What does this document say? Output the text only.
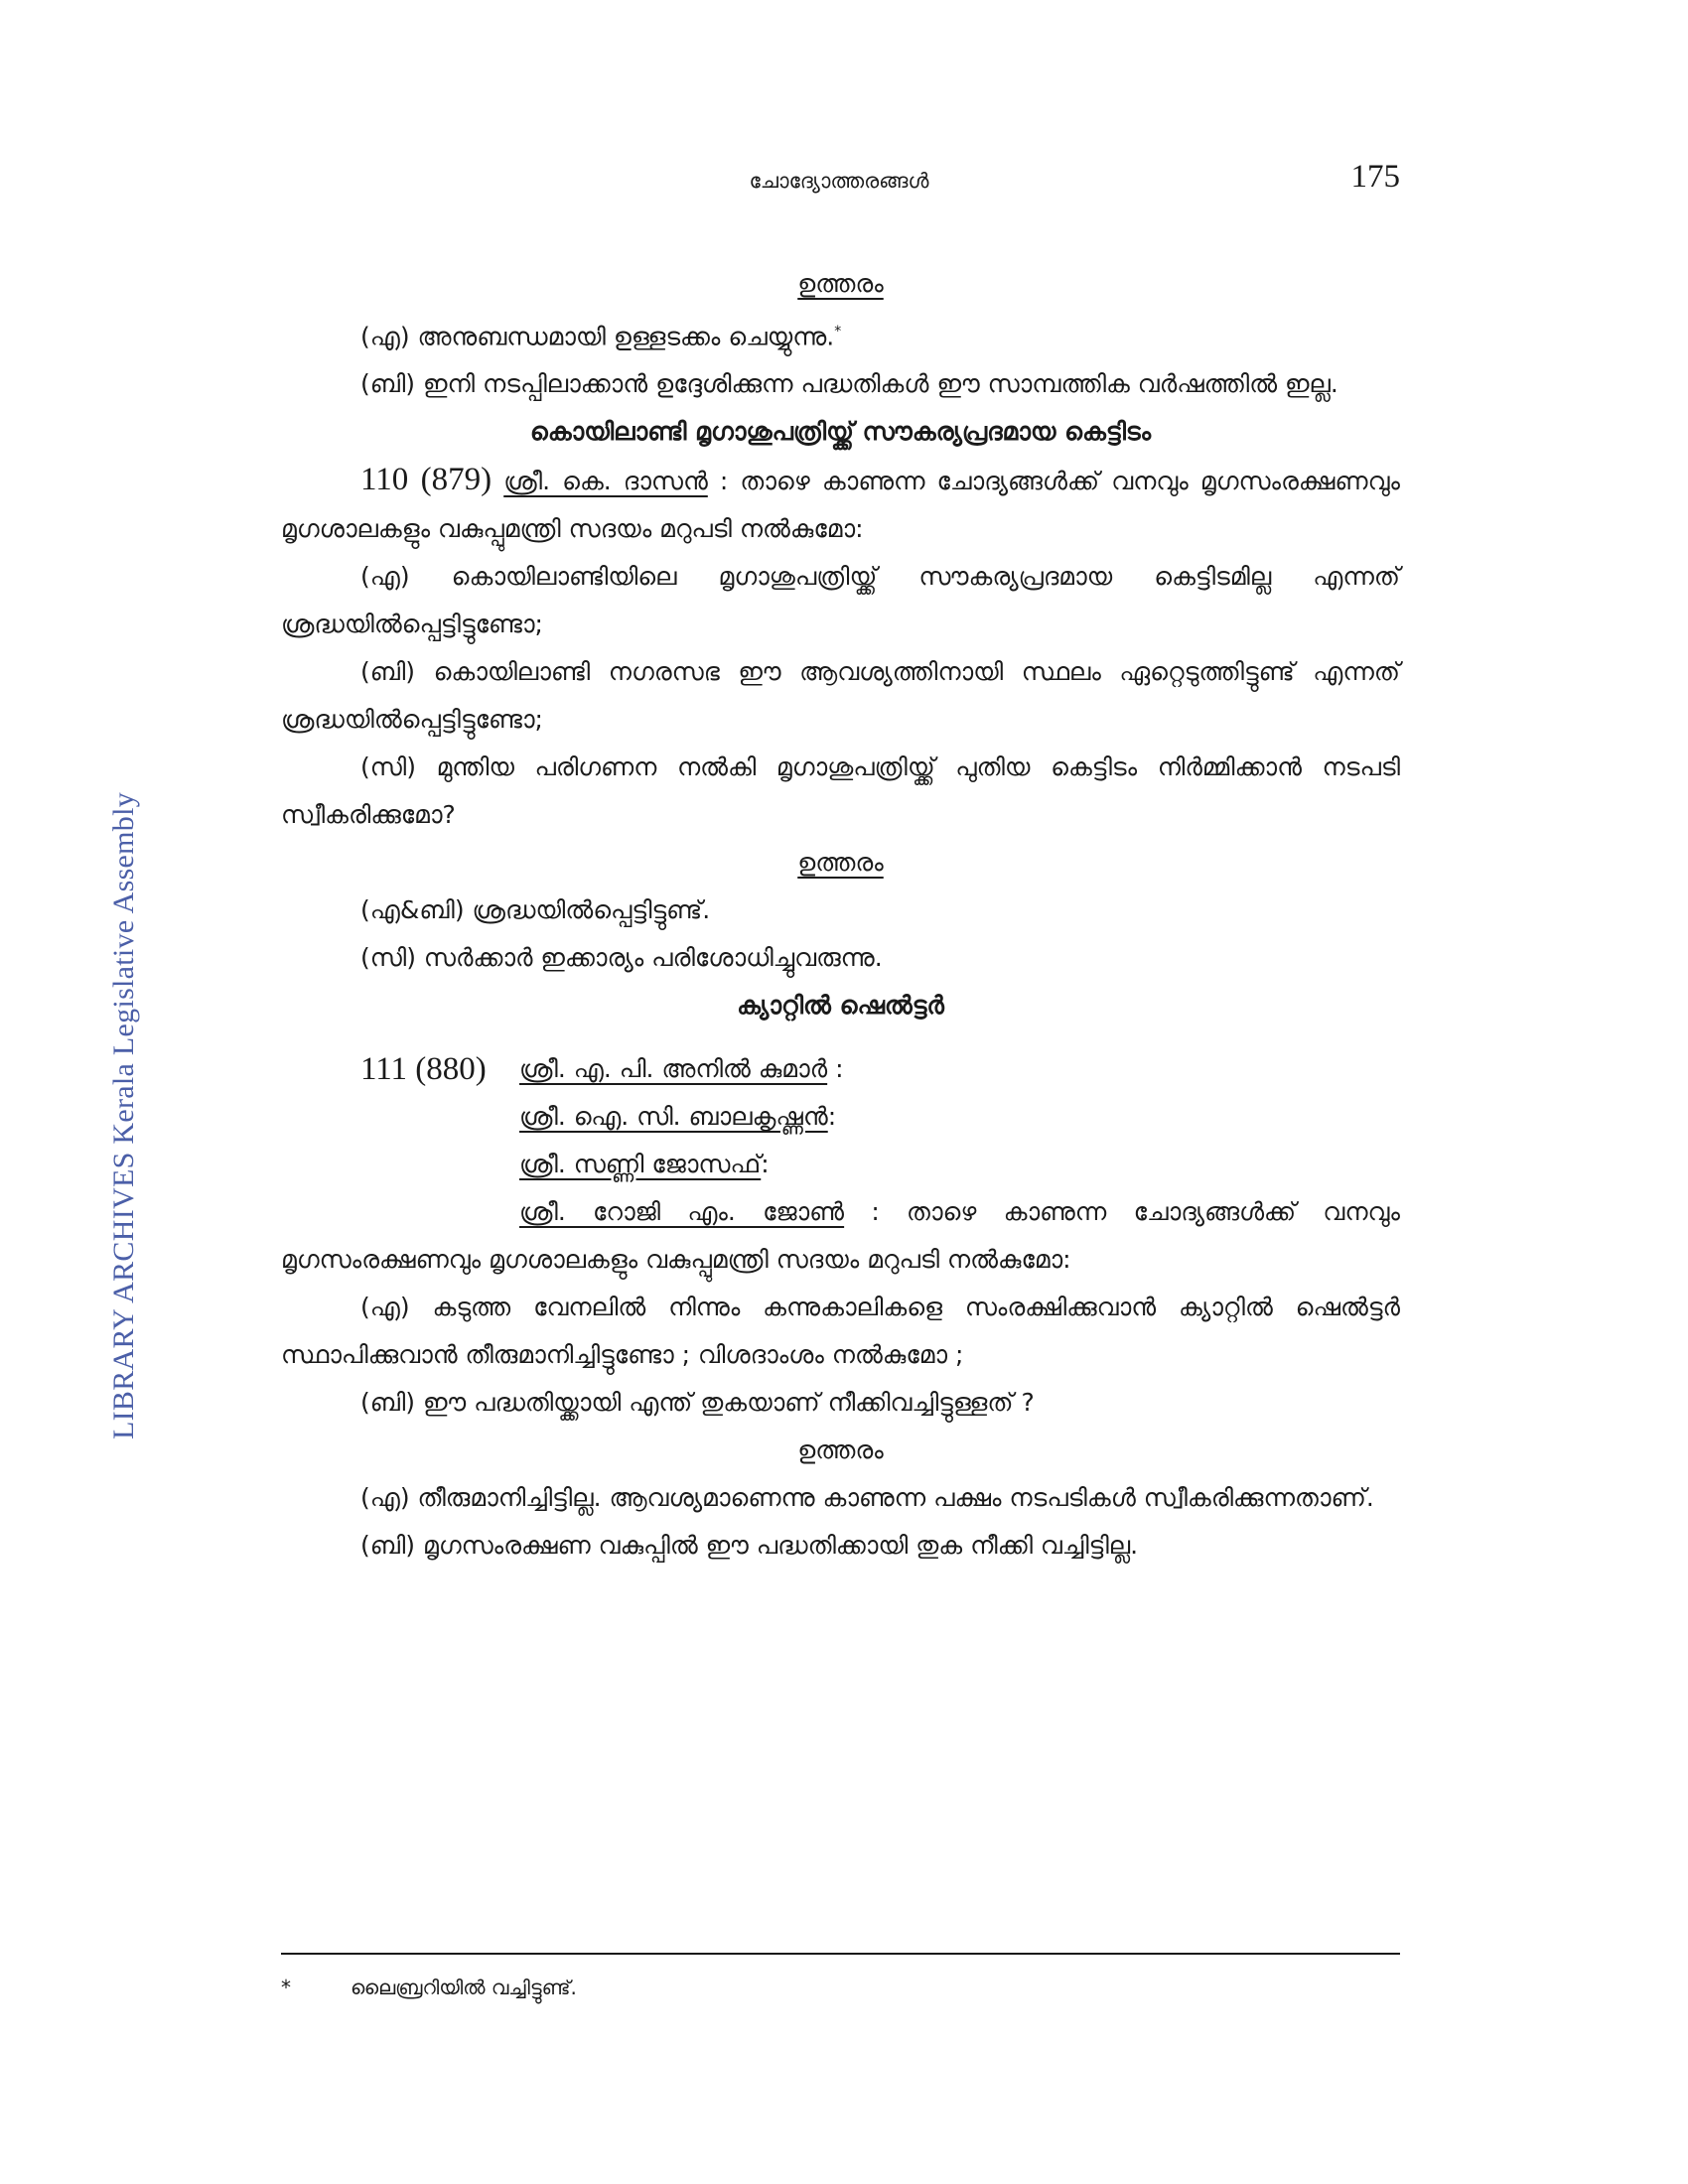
LIBRARY ARCHIVES Kerala Legislative Assembly
ചോദ്യോത്തരങ്ങൾ	175

ഉത്തരം

(എ) അനുബന്ധമായി ഉള്ളടക്കം ചെയ്യുന്നു.*

(ബി) ഇനി നടപ്പിലാക്കാൻ ഉദ്ദേശിക്കുന്ന പദ്ധതികൾ ഈ സാമ്പത്തിക വർഷത്തിൽ ഇല്ല.

കൊയിലാണ്ടി മൃഗാശുപത്രിയ്ക്ക് സൗകര്യപ്രദമായ കെട്ടിടം

110 (879) ശ്രീ. കെ. ദാസൻ : താഴെ കാണുന്ന ചോദ്യങ്ങൾക്ക് വനവും മൃഗസംരക്ഷണവും മൃഗശാലകളും വകുപ്പുമന്ത്രി സദയം മറുപടി നൽകുമോ:

(എ) കൊയിലാണ്ടിയിലെ മൃഗാശുപത്രിയ്ക്ക് സൗകര്യപ്രദമായ കെട്ടിടമില്ല എന്നത് ശ്രദ്ധയിൽപ്പെട്ടിട്ടുണ്ടോ;

(ബി) കൊയിലാണ്ടി നഗരസഭ ഈ ആവശ്യത്തിനായി സ്ഥലം ഏറ്റെടുത്തിട്ടുണ്ട് എന്നത് ശ്രദ്ധയിൽപ്പെട്ടിട്ടുണ്ടോ;

(സി) മുന്തിയ പരിഗണന നൽകി മൃഗാശുപത്രിയ്ക്ക് പുതിയ കെട്ടിടം നിർമ്മിക്കാൻ നടപടി സ്വീകരിക്കുമോ?

ഉത്തരം

(എ&ബി) ശ്രദ്ധയിൽപ്പെട്ടിട്ടുണ്ട്.

(സി) സർക്കാർ ഇക്കാര്യം പരിശോധിച്ചുവരുന്നു.

ക്യാറ്റിൽ ഷെൽട്ടർ

111 (880)	ശ്രീ. എ. പി. അനിൽ കുമാർ :
ശ്രീ. ഐ. സി. ബാലകൃഷ്ണൻ :
ശ്രീ. സണ്ണി ജോസഫ് :

ശ്രീ. റോജി എം. ജോൺ : താഴെ കാണുന്ന ചോദ്യങ്ങൾക്ക് വനവും മൃഗസംരക്ഷണവും മൃഗശാലകളും വകുപ്പുമന്ത്രി സദയം മറുപടി നൽകുമോ:

(എ) കടുത്ത വേനലിൽ നിന്നും കന്നുകാലികളെ സംരക്ഷിക്കുവാൻ ക്യാറ്റിൽ ഷെൽട്ടർ സ്ഥാപിക്കുവാൻ തീരുമാനിച്ചിട്ടുണ്ടോ ; വിശദാംശം നൽകുമോ ;

(ബി) ഈ പദ്ധതിയ്ക്കായി എന്ത് തുകയാണ് നീക്കിവച്ചിട്ടുള്ളത് ?

ഉത്തരം

(എ) തീരുമാനിച്ചിട്ടില്ല. ആവശ്യമാണെന്നു കാണുന്ന പക്ഷം നടപടികൾ സ്വീകരിക്കുന്നതാണ്.

(ബി) മൃഗസംരക്ഷണ വകുപ്പിൽ ഈ പദ്ധതിക്കായി തുക നീക്കി വച്ചിട്ടില്ല.

*	ലൈബ്രറിയിൽ വച്ചിട്ടുണ്ട്.
